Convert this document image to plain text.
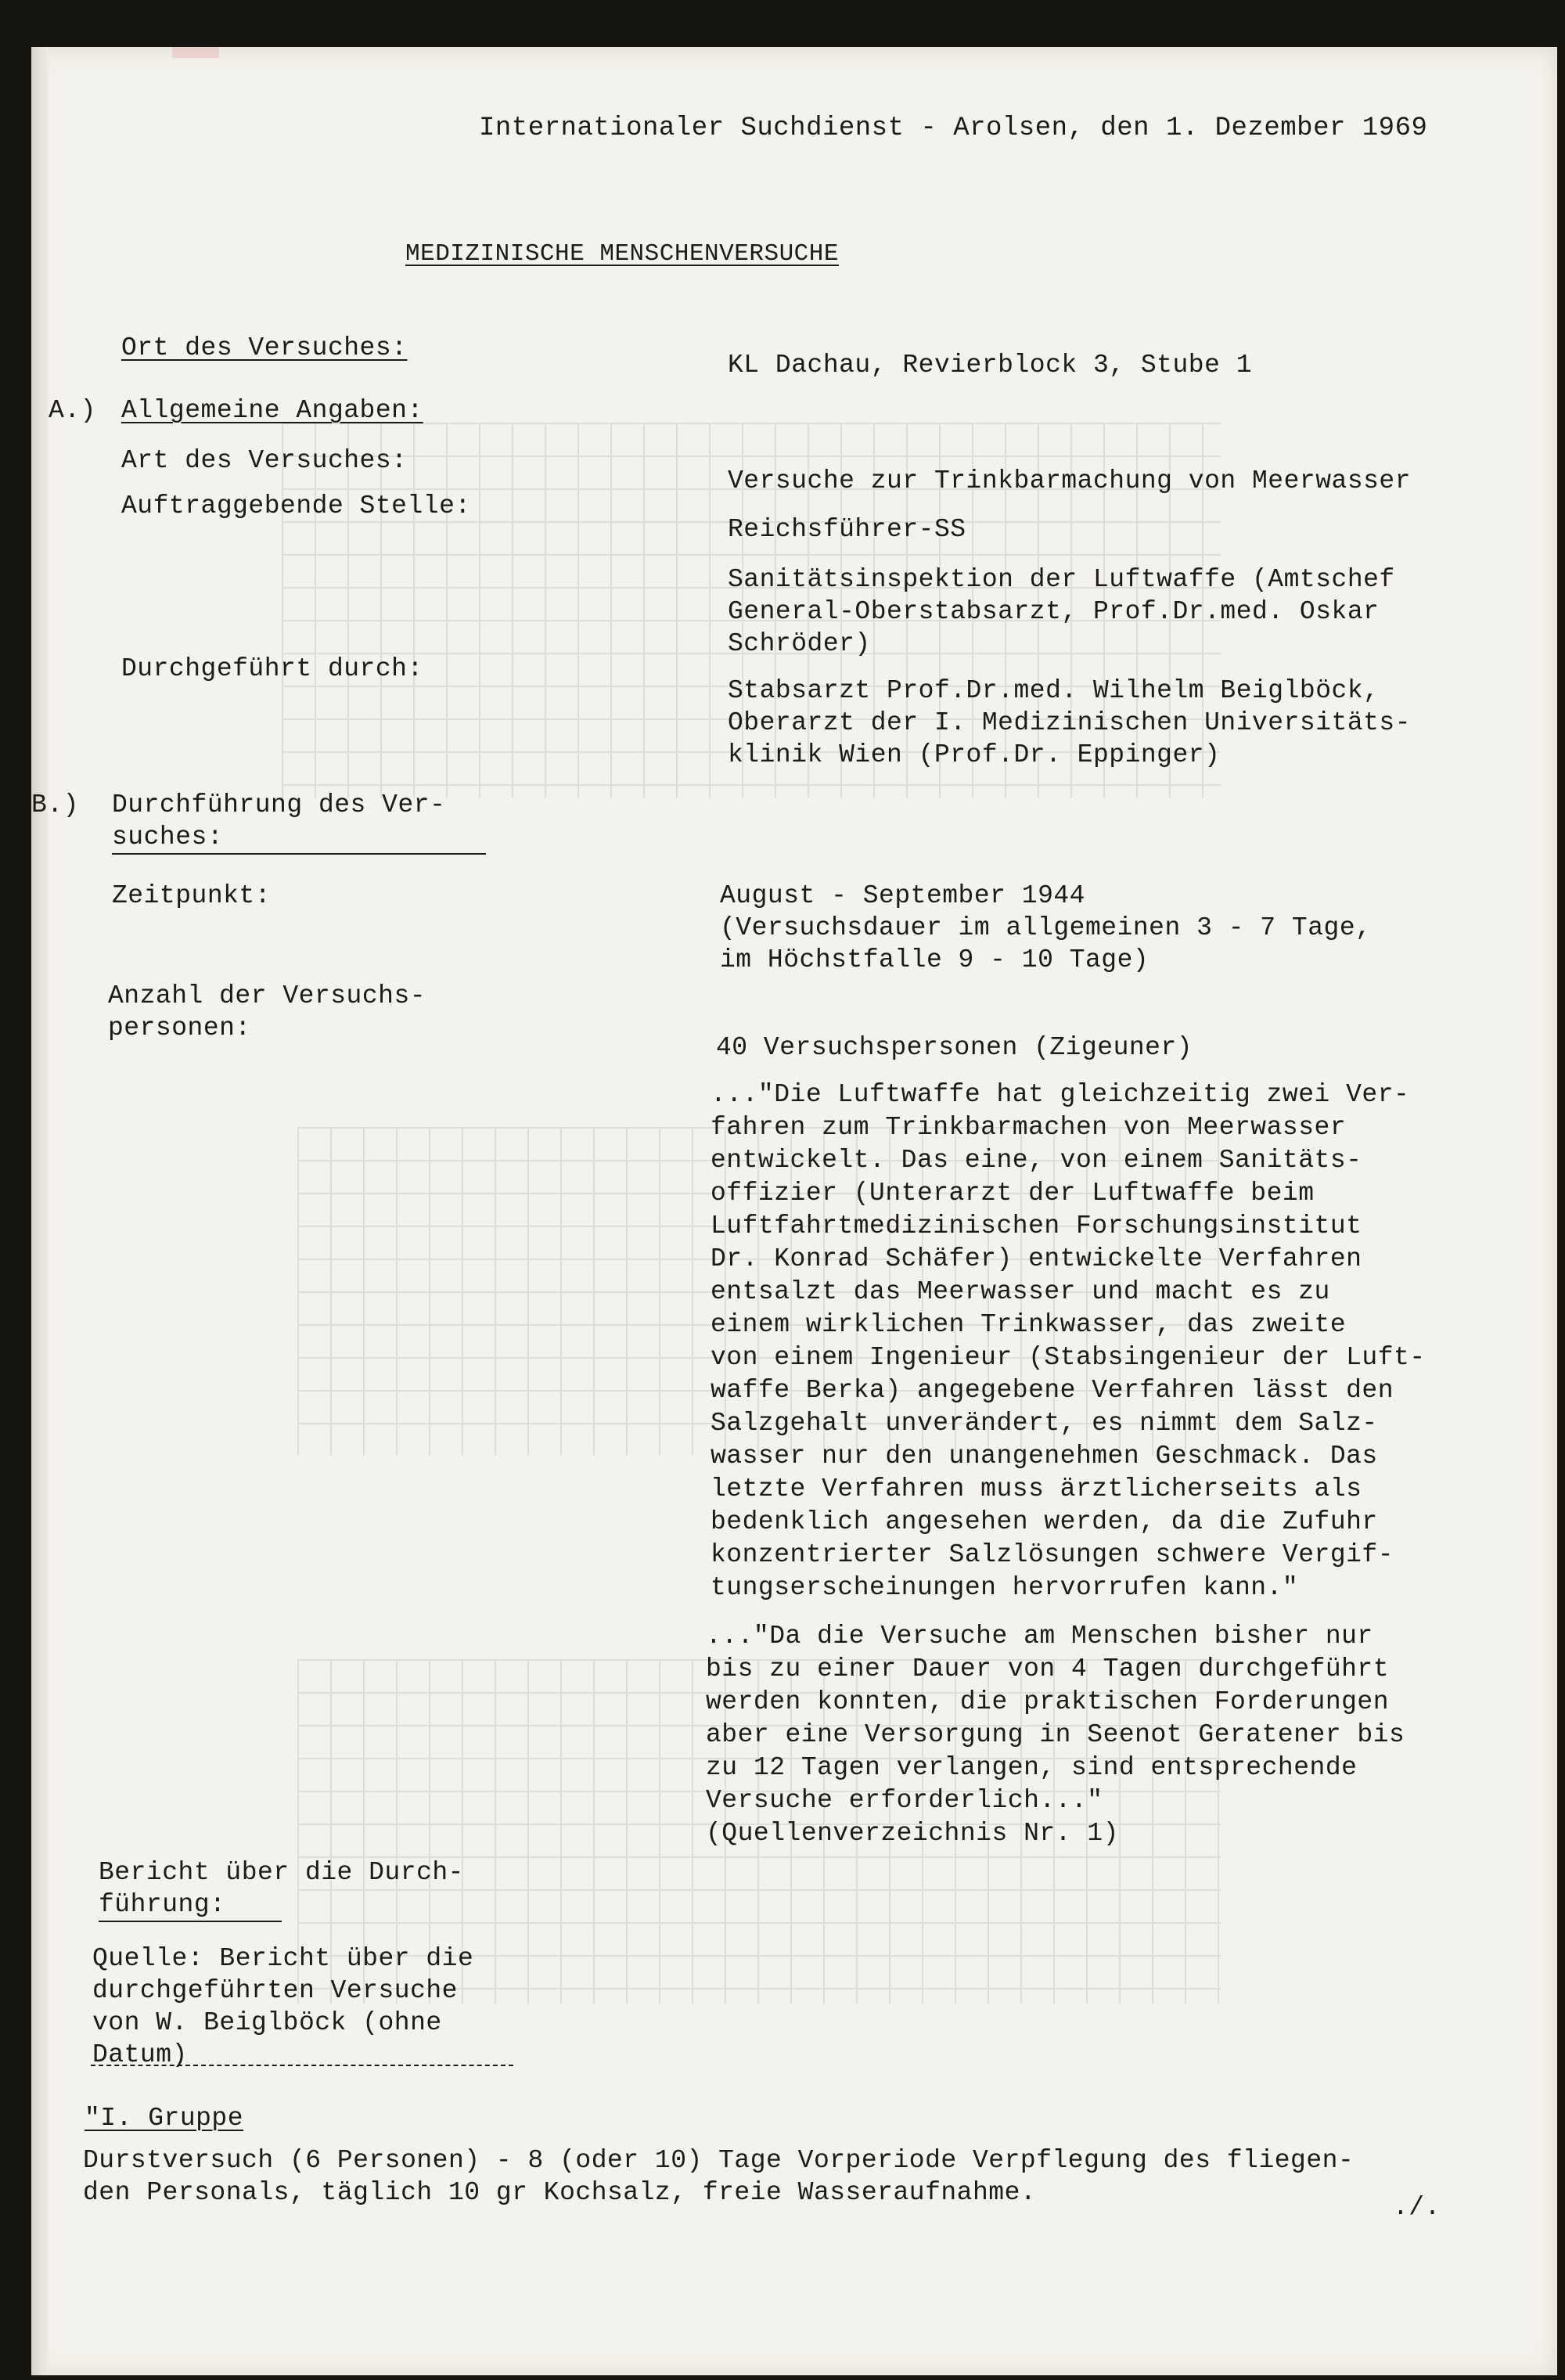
Internationaler Suchdienst - Arolsen, den 1. Dezember 1969
MEDIZINISCHE MENSCHENVERSUCHE
Ort des Versuches:
KL Dachau, Revierblock 3, Stube 1
A.) Allgemeine Angaben:
Art des Versuches:
Versuche zur Trinkbarmachung von Meerwasser
Auftraggebende Stelle:
Reichsführer-SS
Sanitätsinspektion der Luftwaffe (Amtschef
General-Oberstabsarzt, Prof.Dr.med. Oskar
Schröder)
Durchgeführt durch:
Stabsarzt Prof.Dr.med. Wilhelm Beiglböck,
Oberarzt der I. Medizinischen Universitäts-
klinik Wien (Prof.Dr. Eppinger)
B.) Durchführung des Ver-
suches:
Zeitpunkt:	August - September 1944
(Versuchsdauer im allgemeinen 3 - 7 Tage,
im Höchstfalle 9 - 10 Tage)
Anzahl der Versuchs-
personen:
40 Versuchspersonen (Zigeuner)
..."Die Luftwaffe hat gleichzeitig zwei Ver-
fahren zum Trinkbarmachen von Meerwasser
entwickelt. Das eine, von einem Sanitäts-
offizier (Unterarzt der Luftwaffe beim
Luftfahrtmedizinischen Forschungsinstitut
Dr. Konrad Schäfer) entwickelte Verfahren
entsalzt das Meerwasser und macht es zu
einem wirklichen Trinkwasser, das zweite
von einem Ingenieur (Stabsingenieur der Luft-
waffe Berka) angegebene Verfahren lässt den
Salzgehalt unverändert, es nimmt dem Salz-
wasser nur den unangenehmen Geschmack. Das
letzte Verfahren muss ärztlicherseits als
bedenklich angesehen werden, da die Zufuhr
konzentrierter Salzlösungen schwere Vergif-
tungserscheinungen hervorrufen kann."
..."Da die Versuche am Menschen bisher nur
bis zu einer Dauer von 4 Tagen durchgeführt
werden konnten, die praktischen Forderungen
aber eine Versorgung in Seenot Geratener bis
zu 12 Tagen verlangen, sind entsprechende
Versuche erforderlich..."
(Quellenverzeichnis Nr. 1)
Bericht über die Durch-
führung:
Quelle: Bericht über die
durchgeführten Versuche
von W. Beiglböck (ohne
Datum)
"I. Gruppe
Durstversuch (6 Personen) - 8 (oder 10) Tage Vorperiode Verpflegung des fliegen-
den Personals, täglich 10 gr Kochsalz, freie Wasseraufnahme.
./.
